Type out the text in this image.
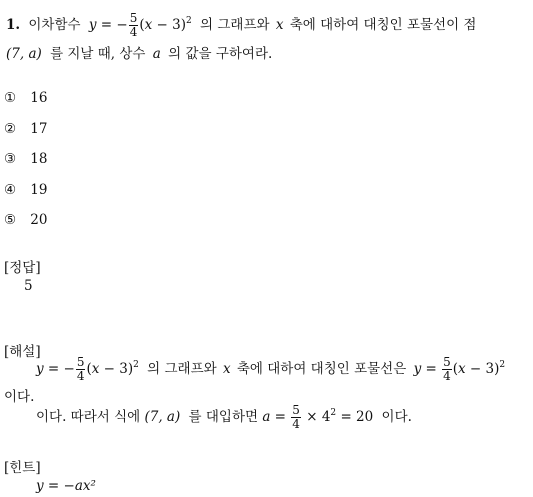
1. 이차함수 y = − $\frac{5}{4} (x - 3)^2$ 의 그래프와 x 축에 대하여 대칭인 포물선이 점
(7, a) 를 지날 때, 상수 a 의 값을 구하여라.
① 16
② 17
③ 18
④ 19
⑤ 20
[정답]
5
[해설]
y = − $\frac{5}{4} (x - 3)^2$ 의 그래프와 x 축에 대하여 대칭인 포물선은 $y = \frac{5}{4} (x - 3)^2$
이다.
이다. 따라서 식에 (7, a) 를 대입하면 $a = \frac{5}{4} \times 4^2 = 20$ 이다.
[힌트]
y = −ax²
